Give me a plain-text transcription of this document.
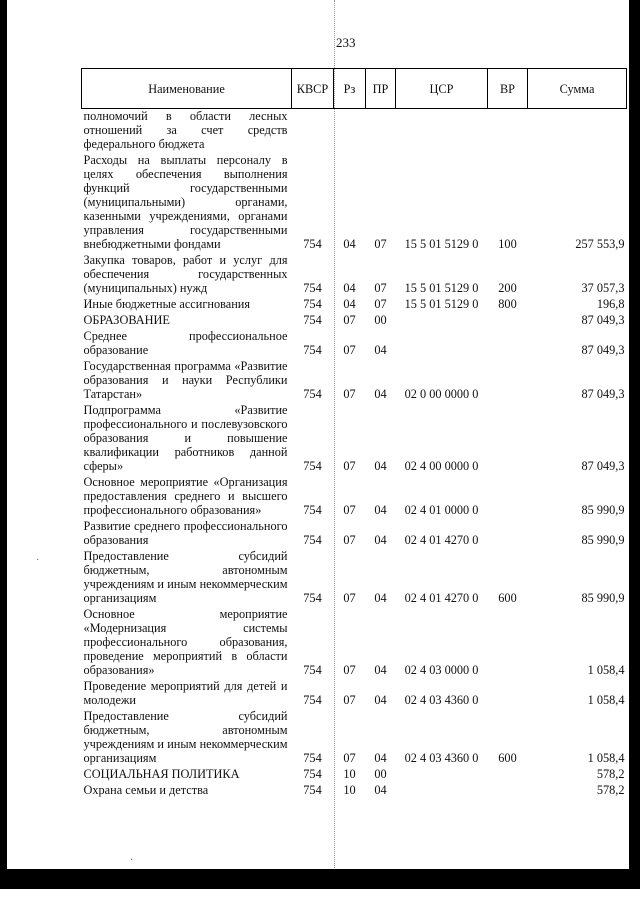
·
·
233
Наименование	КВСР	Рз	ПР	ЦСР	ВР	Сумма
полномочий в области лесных отношений за счет средств федерального бюджета						
Расходы на выплаты персоналу в целях обеспечения выполнения функций государственными (муниципальными) органами, казенными учреждениями, органами управления государственными внебюджетными фондами	754	04	07	15 5 01 5129 0	100	257 553,9
Закупка товаров, работ и услуг для обеспечения государственных (муниципальных) нужд	754	04	07	15 5 01 5129 0	200	37 057,3
Иные бюджетные ассигнования	754	04	07	15 5 01 5129 0	800	196,8
ОБРАЗОВАНИЕ	754	07	00			87 049,3
Среднее профессиональное образование	754	07	04			87 049,3
Государственная программа «Развитие образования и науки Республики Татарстан»	754	07	04	02 0 00 0000 0		87 049,3
Подпрограмма «Развитие профессионального и послевузовского образования и повышение квалификации работников данной сферы»	754	07	04	02 4 00 0000 0		87 049,3
Основное мероприятие «Организация предоставления среднего и высшего профессионального образования»	754	07	04	02 4 01 0000 0		85 990,9
Развитие среднего профессионального образования	754	07	04	02 4 01 4270 0		85 990,9
Предоставление субсидий бюджетным, автономным учреждениям и иным некоммерческим организациям	754	07	04	02 4 01 4270 0	600	85 990,9
Основное мероприятие «Модернизация системы профессионального образования, проведение мероприятий в области образования»	754	07	04	02 4 03 0000 0		1 058,4
Проведение мероприятий для детей и молодежи	754	07	04	02 4 03 4360 0		1 058,4
Предоставление субсидий бюджетным, автономным учреждениям и иным некоммерческим организациям	754	07	04	02 4 03 4360 0	600	1 058,4
СОЦИАЛЬНАЯ ПОЛИТИКА	754	10	00			578,2
Охрана семьи и детства	754	10	04			578,2
